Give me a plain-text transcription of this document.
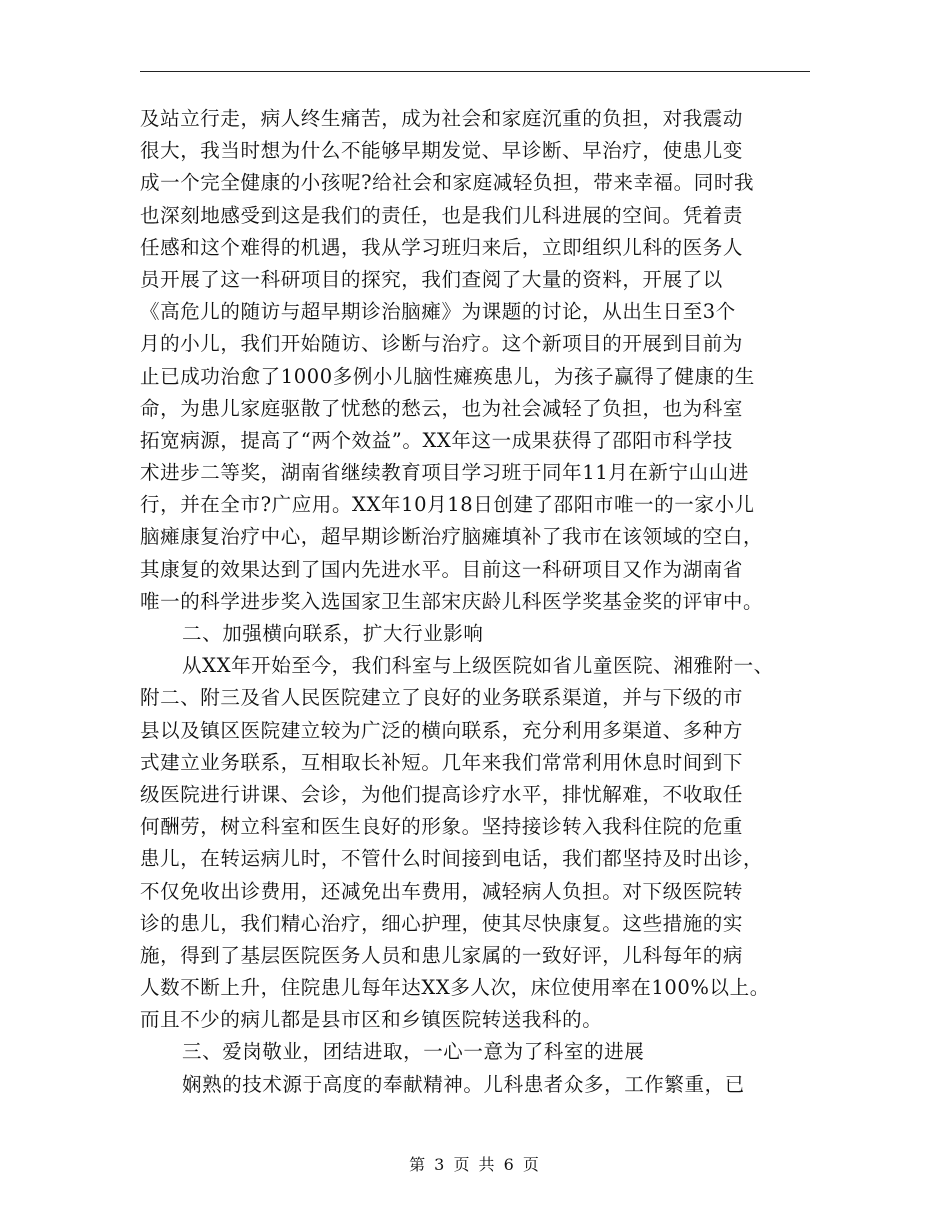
及站立行走，病人终生痛苦，成为社会和家庭沉重的负担，对我震动
很大，我当时想为什么不能够早期发觉、早诊断、早治疗，使患儿变
成一个完全健康的小孩呢?给社会和家庭减轻负担，带来幸福。同时我
也深刻地感受到这是我们的责任，也是我们儿科进展的空间。凭着责
任感和这个难得的机遇，我从学习班归来后，立即组织儿科的医务人
员开展了这一科研项目的探究，我们查阅了大量的资料，开展了以
《高危儿的随访与超早期诊治脑瘫》为课题的讨论，从出生日至3个
月的小儿，我们开始随访、诊断与治疗。这个新项目的开展到目前为
止已成功治愈了1000多例小儿脑性瘫痪患儿，为孩子赢得了健康的生
命，为患儿家庭驱散了忧愁的愁云，也为社会减轻了负担，也为科室
拓宽病源，提高了“两个效益”。XX年这一成果获得了邵阳市科学技
术进步二等奖，湖南省继续教育项目学习班于同年11月在新宁山山进
行，并在全市?广应用。XX年10月18日创建了邵阳市唯一的一家小儿
脑瘫康复治疗中心，超早期诊断治疗脑瘫填补了我市在该领域的空白，
其康复的效果达到了国内先进水平。目前这一科研项目又作为湖南省
唯一的科学进步奖入选国家卫生部宋庆龄儿科医学奖基金奖的评审中。
二、加强横向联系，扩大行业影响
从XX年开始至今，我们科室与上级医院如省儿童医院、湘雅附一、
附二、附三及省人民医院建立了良好的业务联系渠道，并与下级的市
县以及镇区医院建立较为广泛的横向联系，充分利用多渠道、多种方
式建立业务联系，互相取长补短。几年来我们常常利用休息时间到下
级医院进行讲课、会诊，为他们提高诊疗水平，排忧解难，不收取任
何酬劳，树立科室和医生良好的形象。坚持接诊转入我科住院的危重
患儿，在转运病儿时，不管什么时间接到电话，我们都坚持及时出诊，
不仅免收出诊费用，还减免出车费用，减轻病人负担。对下级医院转
诊的患儿，我们精心治疗，细心护理，使其尽快康复。这些措施的实
施，得到了基层医院医务人员和患儿家属的一致好评，儿科每年的病
人数不断上升，住院患儿每年达XX多人次，床位使用率在100%以上。
而且不少的病儿都是县市区和乡镇医院转送我科的。
三、爱岗敬业，团结进取，一心一意为了科室的进展
娴熟的技术源于高度的奉献精神。儿科患者众多，工作繁重，已
第 3 页 共 6 页
